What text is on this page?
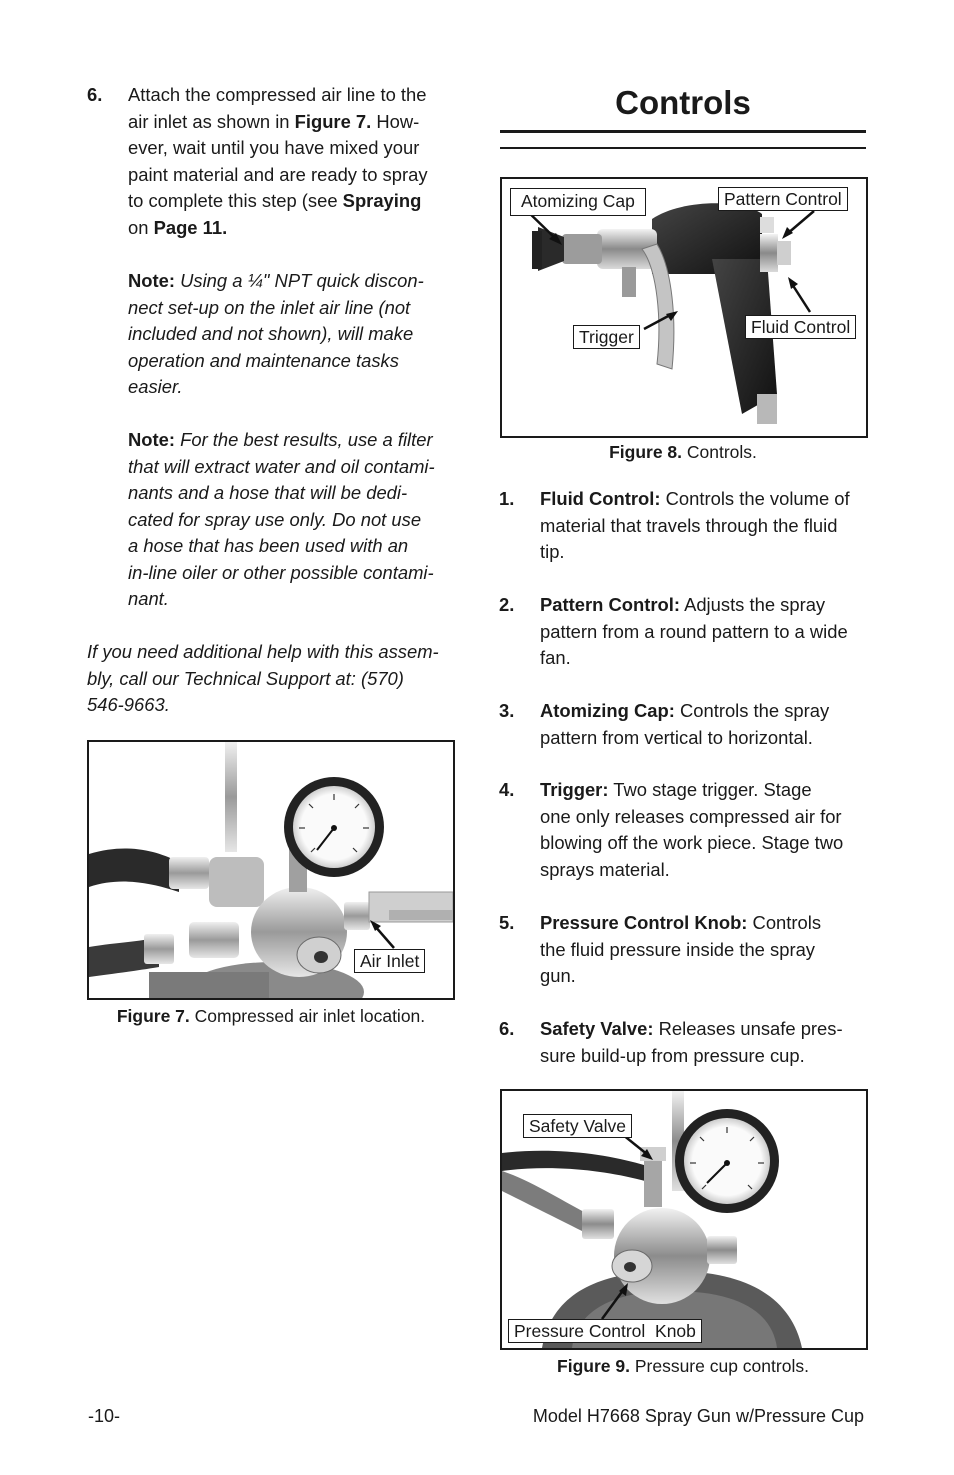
6. Attach the compressed air line to the
air inlet as shown in Figure 7. How-
ever, wait until you have mixed your
paint material and are ready to spray
to complete this step (see Spraying
on Page 11.
Note: Using a ¼" NPT quick discon-
nect set-up on the inlet air line (not
included and not shown), will make
operation and maintenance tasks
easier.
Note: For the best results, use a filter
that will extract water and oil contami-
nants and a hose that will be dedi-
cated for spray use only. Do not use
a hose that has been used with an
in-line oiler or other possible contami-
nant.
If you need additional help with this assem-
bly, call our Technical Support at: (570)
546-9663.
Air Inlet
Figure 7. Compressed air inlet location.
Controls
Atomizing Cap	Pattern Control
Trigger	Fluid Control
Figure 8. Controls.
1. Fluid Control: Controls the volume of
material that travels through the fluid
tip.
2. Pattern Control: Adjusts the spray
pattern from a round pattern to a wide
fan.
3. Atomizing Cap: Controls the spray
pattern from vertical to horizontal.
4. Trigger: Two stage trigger. Stage
one only releases compressed air for
blowing off the work piece. Stage two
sprays material.
5. Pressure Control Knob: Controls
the fluid pressure inside the spray
gun.
6. Safety Valve: Releases unsafe pres-
sure build-up from pressure cup.
Safety Valve
Pressure Control  Knob
Figure 9. Pressure cup controls.
-10-	Model H7668 Spray Gun w/Pressure Cup
